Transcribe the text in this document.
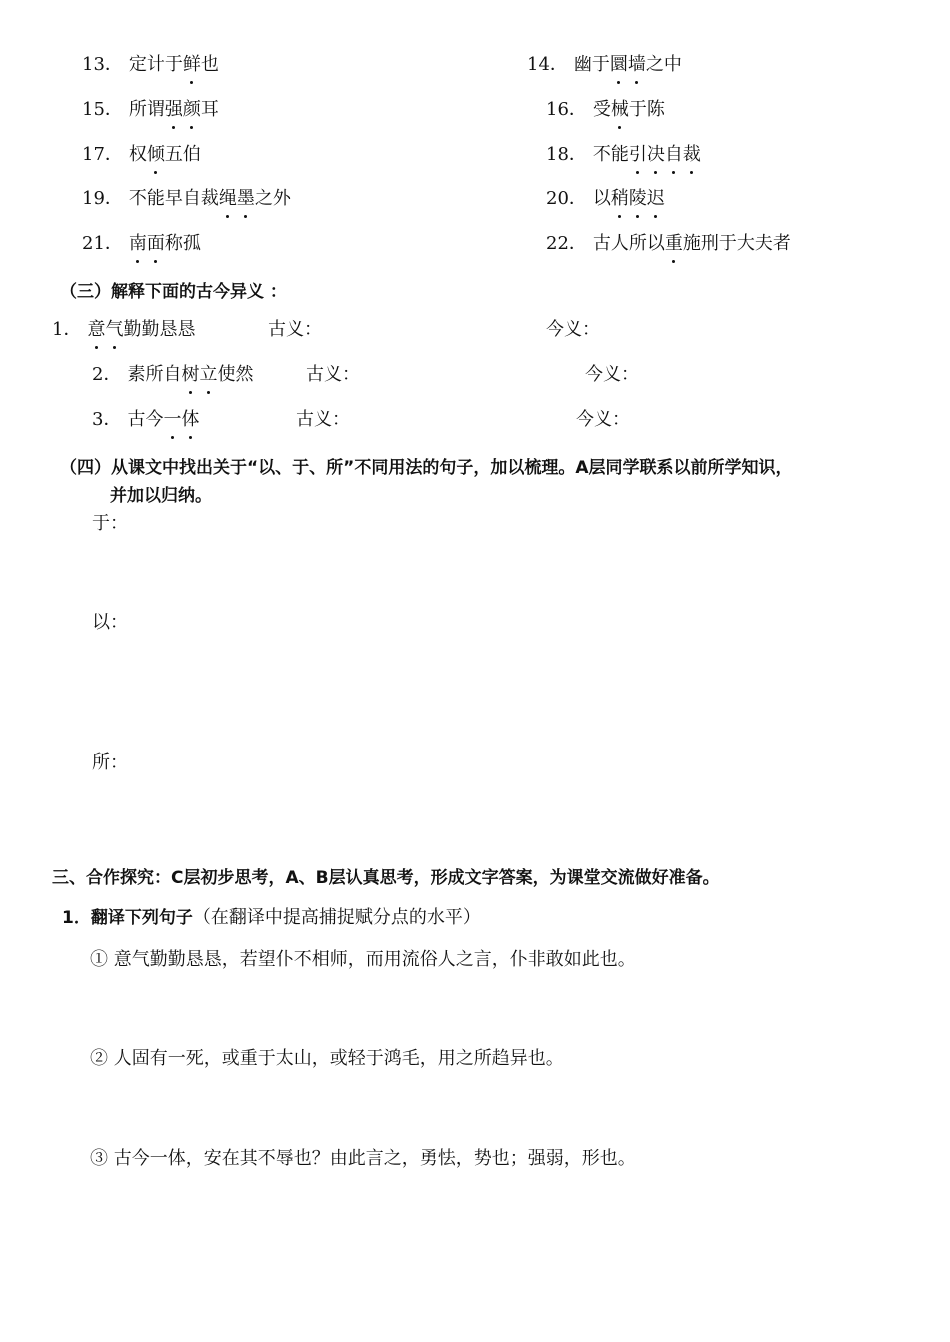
13． 定计于鲜也	14． 幽于圜墙之中
15． 所谓强颜耳	16． 受械于陈
17． 权倾五伯	18． 不能引决自裁
19． 不能早自裁绳墨之外	20． 以稍陵迟
21． 南面称孤	22． 古人所以重施刑于大夫者
（三）解释下面的古今异义 ：
1． 意气勤勤恳恳	古义：	今义：
2． 素所自树立使然	古义：	今义：
3． 古今一体	古义：	今义：
（四）从课文中找出关于“以、于、所”不同用法的句子，加以梳理。A层同学联系以前所学知识，
并加以归纳。
于：
以：
所：
三、合作探究：C层初步思考，A、B层认真思考，形成文字答案，为课堂交流做好准备。
1．翻译下列句子（在翻译中提高捕捉赋分点的水平）
① 意气勤勤恳恳，若望仆不相师，而用流俗人之言，仆非敢如此也。
② 人固有一死，或重于太山，或轻于鸿毛，用之所趋异也。
③ 古今一体，安在其不辱也？由此言之，勇怯，势也；强弱，形也。
